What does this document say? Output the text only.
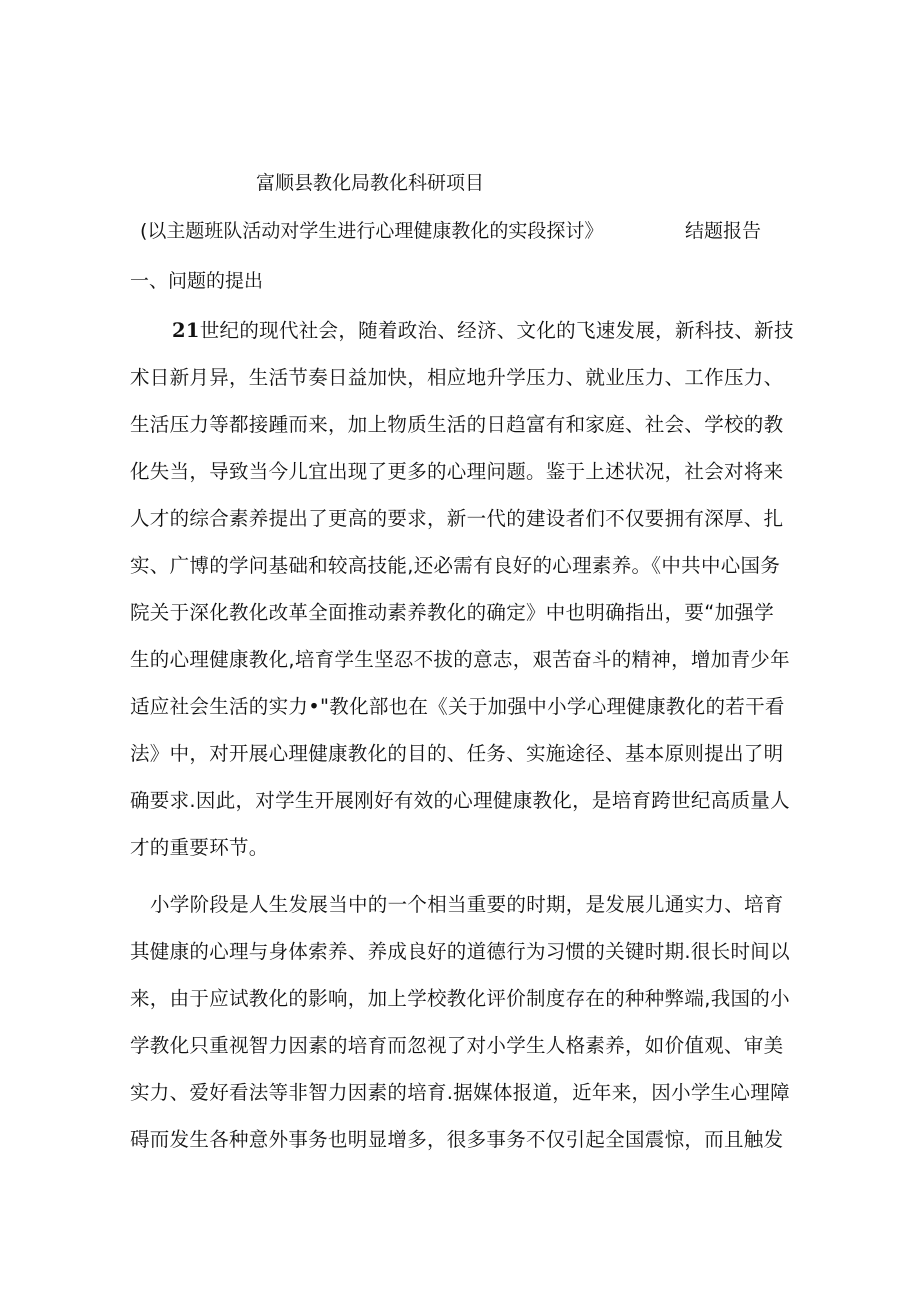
富顺县教化局教化科研项目
(以主题班队活动对学生进行心理健康教化的实段探讨》	结题报告
一、问题的提出
21世纪的现代社会，随着政治、经济、文化的飞速发展，新科技、新技
术日新月异，生活节奏日益加快，相应地升学压力、就业压力、工作压力、
生活压力等都接踵而来，加上物质生活的日趋富有和家庭、社会、学校的教
化失当，导致当今儿宜出现了更多的心理问题。鉴于上述状况，社会对将来
人才的综合素养提出了更高的要求，新一代的建设者们不仅要拥有深厚、扎
实、广博的学问基础和较高技能,还必需有良好的心理素养。《中共中心国务
院关于深化教化改革全面推动素养教化的确定》中也明确指出，要“加强学
生的心理健康教化,培育学生坚忍不拔的意志，艰苦奋斗的精神，增加青少年
适应社会生活的实力•"教化部也在《关于加强中小学心理健康教化的若干看
法》中，对开展心理健康教化的目的、任务、实施途径、基本原则提出了明
确要求.因此，对学生开展刚好有效的心理健康教化，是培育跨世纪高质量人
才的重要环节。
小学阶段是人生发展当中的一个相当重要的时期，是发展儿通实力、培育
其健康的心理与身体索养、养成良好的道德行为习惯的关键时期.很长时间以
来，由于应试教化的影响，加上学校教化评价制度存在的种种弊端,我国的小
学教化只重视智力因素的培育而忽视了对小学生人格素养，如价值观、审美
实力、爱好看法等非智力因素的培育.据媒体报道，近年来，因小学生心理障
碍而发生各种意外事务也明显增多，很多事务不仅引起全国震惊，而且触发
